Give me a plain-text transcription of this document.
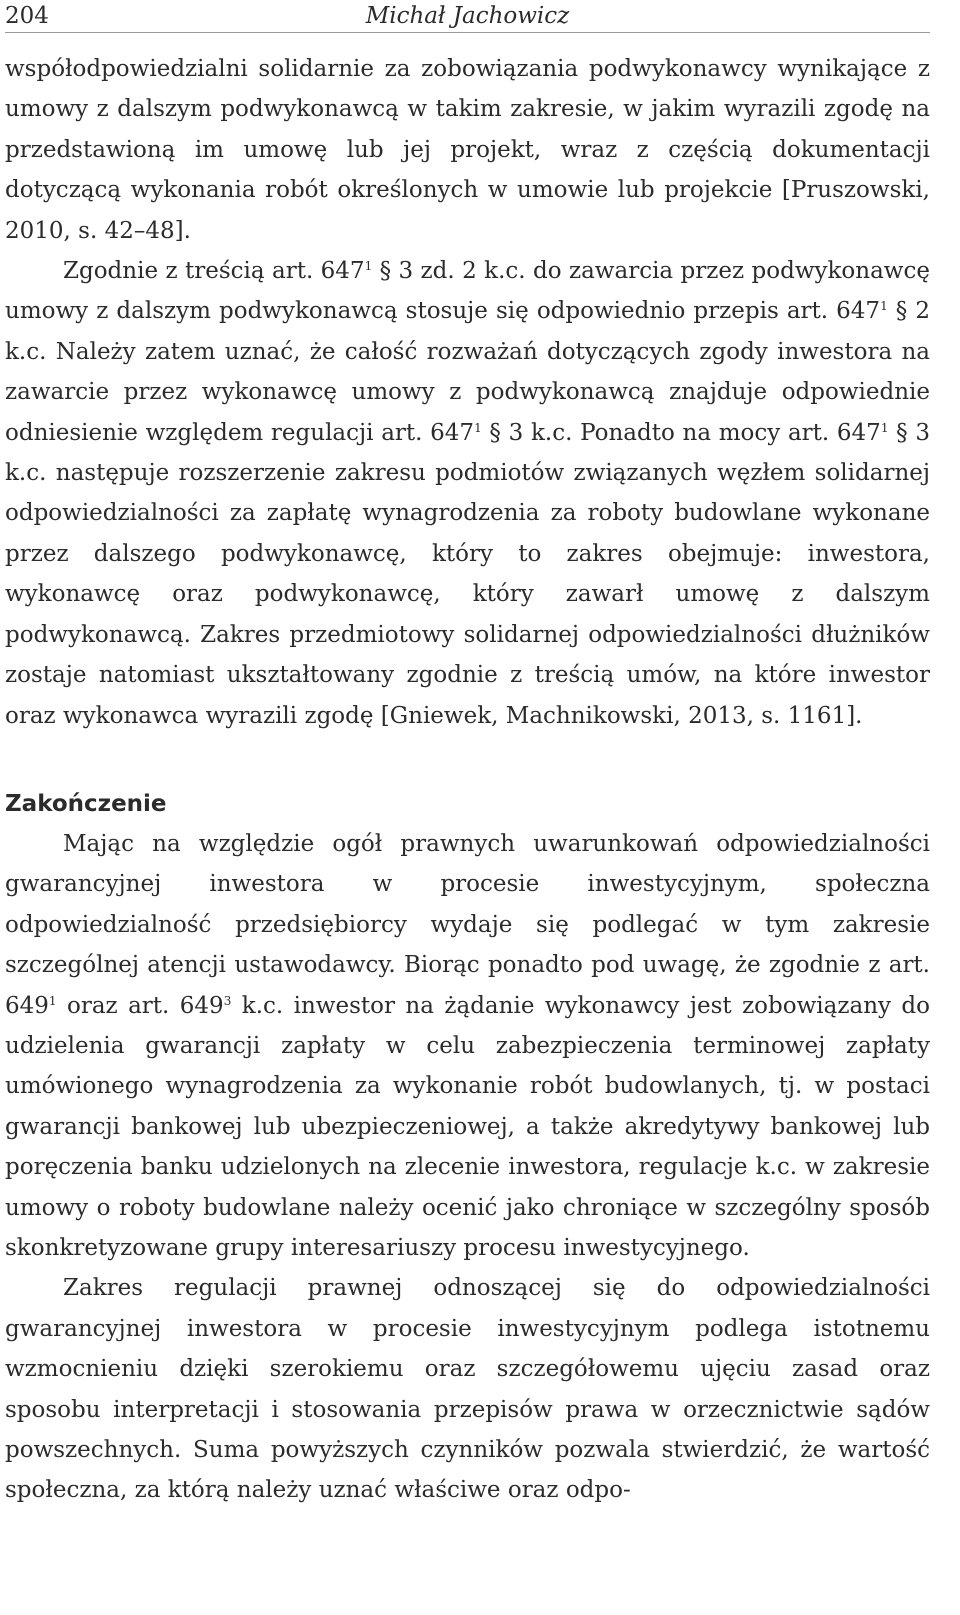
204	Michał Jachowicz

współodpowiedzialni solidarnie za zobowiązania podwykonawcy wynikające z umowy z dalszym podwykonawcą w takim zakresie, w jakim wyrazili zgodę na przedstawioną im umowę lub jej projekt, wraz z częścią dokumentacji dotyczącą wykonania robót określonych w umowie lub projekcie [Pruszowski, 2010, s. 42–48].

Zgodnie z treścią art. $647^1$ § 3 zd. 2 k.c. do zawarcia przez podwykonawcę umowy z dalszym podwykonawcą stosuje się odpowiednio przepis art. $647^1$ § 2 k.c. Należy zatem uznać, że całość rozważań dotyczących zgody inwestora na zawarcie przez wykonawcę umowy z podwykonawcą znajduje odpowiednie odniesienie względem regulacji art. $647^1$ § 3 k.c. Ponadto na mocy art. $647^1$ § 3 k.c. następuje rozszerzenie zakresu podmiotów związanych węzłem solidarnej odpowiedzialności za zapłatę wynagrodzenia za roboty budowlane wykonane przez dalszego podwykonawcę, który to zakres obejmuje: inwestora, wykonawcę oraz podwykonawcę, który zawarł umowę z dalszym podwykonawcą. Zakres przedmiotowy solidarnej odpowiedzialności dłużników zostaje natomiast ukształtowany zgodnie z treścią umów, na które inwestor oraz wykonawca wyrazili zgodę [Gniewek, Machnikowski, 2013, s. 1161].

Zakończenie

Mając na względzie ogół prawnych uwarunkowań odpowiedzialności gwarancyjnej inwestora w procesie inwestycyjnym, społeczna odpowiedzialność przedsiębiorcy wydaje się podlegać w tym zakresie szczególnej atencji ustawodawcy. Biorąc ponadto pod uwagę, że zgodnie z art. $649^1$ oraz art. $649^3$ k.c. inwestor na żądanie wykonawcy jest zobowiązany do udzielenia gwarancji zapłaty w celu zabezpieczenia terminowej zapłaty umówionego wynagrodzenia za wykonanie robót budowlanych, tj. w postaci gwarancji bankowej lub ubezpieczeniowej, a także akredytywy bankowej lub poręczenia banku udzielonych na zlecenie inwestora, regulacje k.c. w zakresie umowy o roboty budowlane należy ocenić jako chroniące w szczególny sposób skonkretyzowane grupy interesariuszy procesu inwestycyjnego.

Zakres regulacji prawnej odnoszącej się do odpowiedzialności gwarancyjnej inwestora w procesie inwestycyjnym podlega istotnemu wzmocnieniu dzięki szerokiemu oraz szczegółowemu ujęciu zasad oraz sposobu interpretacji i stosowania przepisów prawa w orzecznictwie sądów powszechnych. Suma powyższych czynników pozwala stwierdzić, że wartość społeczna, za którą należy uznać właściwe oraz odpo-
